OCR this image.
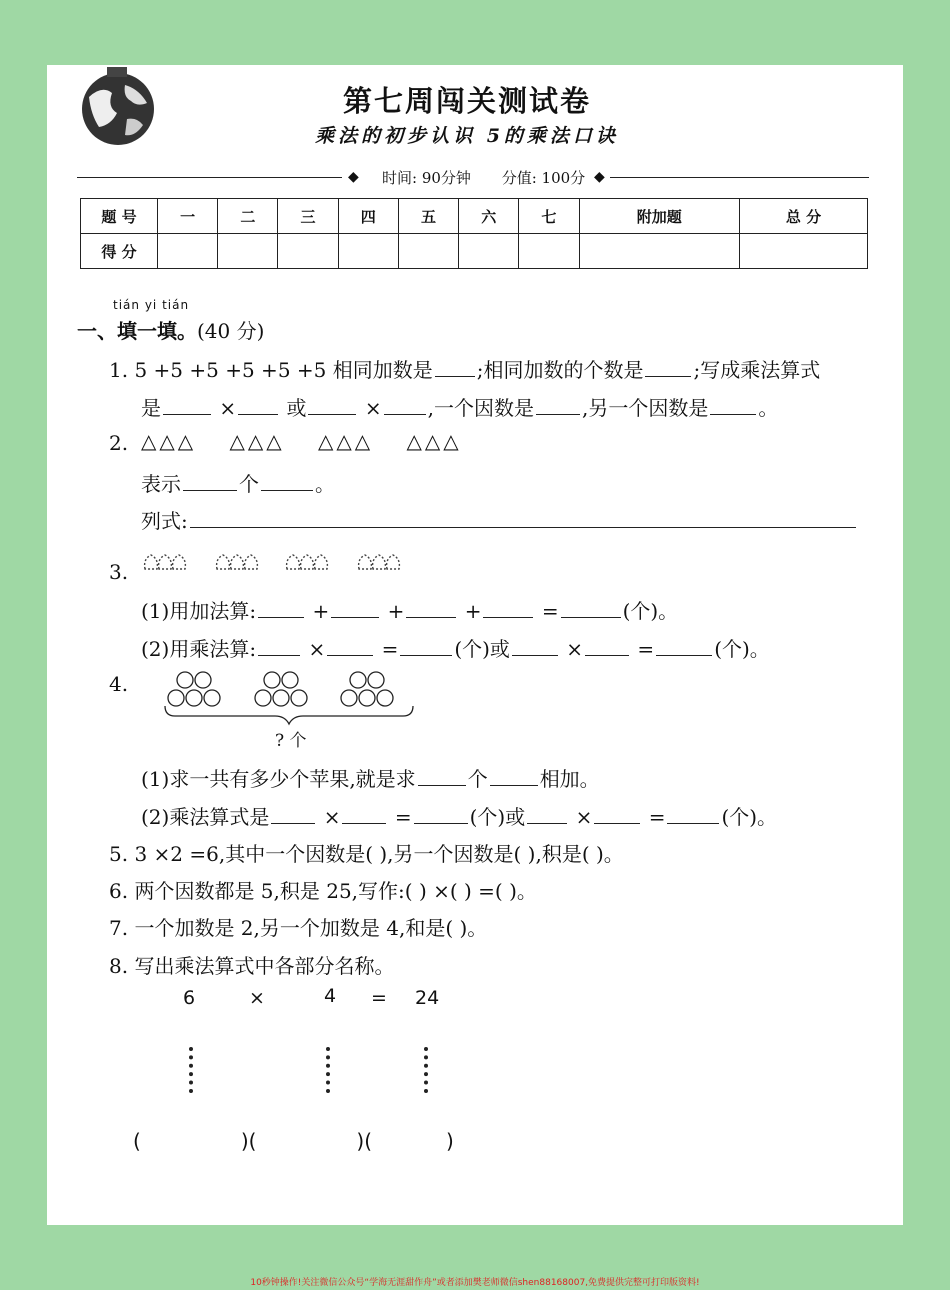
第七周闯关测试卷
乘法的初步认识 5的乘法口诀
◆ 时间: 90分钟 分值: 100分 ◆
题 号	一	二	三	四	五	六	七	附加题	总 分
得 分									
tián yi tián
一、填一填。(40 分)
1. 5 +5 +5 +5 +5 +5 相同加数是 ;相同加数的个数是	;写成乘法算式
是	×	或	× ,一个因数是 ,另一个因数是	。
2. △△△ △△△ △△△ △△△
表示	个	。
列式:
3.
(1)用加法算:	+	+	+	=	(个)。
(2)用乘法算:	×	=	(个)或	×	=	(个)。
4.
? 个
(1)求一共有多少个苹果,就是求	个	相加。
(2)乘法算式是	×	=	(个)或	×	=	(个)。
5. 3 ×2 =6,其中一个因数是( ),另一个因数是( ),积是( )。
6. 两个因数都是 5,积是 25,写作:( ) ×( ) =( )。
7. 一个加数是 2,另一个加数是 4,和是( )。
8. 写出乘法算式中各部分名称。
6	×	4 = 24
(	)(	)(	)
10秒钟操作!关注微信公众号“学海无涯甜作舟”或者添加樊老师微信shen88168007,免费提供完整可打印版资料!
